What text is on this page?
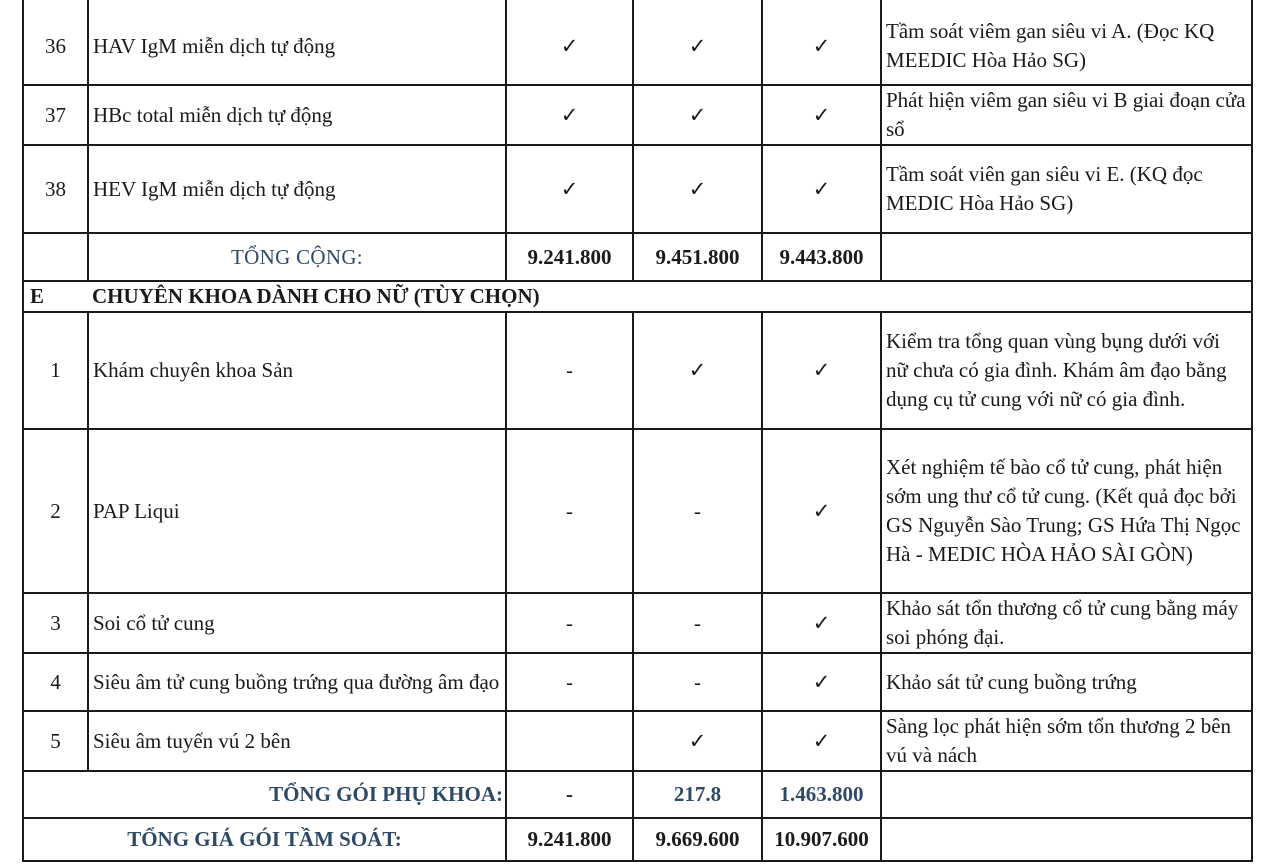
36	HAV IgM miễn dịch tự động	✓	✓	✓	Tầm soát viêm gan siêu vi A. (Đọc KQ MEEDIC Hòa Hảo SG)
37	HBc total miễn dịch tự động	✓	✓	✓	Phát hiện viêm gan siêu vi B giai đoạn cửa sổ
38	HEV IgM miễn dịch tự động	✓	✓	✓	Tầm soát viên gan siêu vi E. (KQ đọc MEDIC Hòa Hảo SG)
	TỔNG CỘNG:	9.241.800	9.451.800	9.443.800	
E	CHUYÊN KHOA DÀNH CHO NỮ (TÙY CHỌN)				
1	Khám chuyên khoa Sản	-	✓	✓	Kiểm tra tổng quan vùng bụng dưới với nữ chưa có gia đình. Khám âm đạo bằng dụng cụ tử cung với nữ có gia đình.
2	PAP Liqui	-	-	✓	Xét nghiệm tế bào cổ tử cung, phát hiện sớm ung thư cổ tử cung. (Kết quả đọc bởi GS Nguyễn Sào Trung; GS Hứa Thị Ngọc Hà - MEDIC HÒA HẢO SÀI GÒN)
3	Soi cổ tử cung	-	-	✓	Khảo sát tổn thương cổ tử cung bằng máy soi phóng đại.
4	Siêu âm tử cung buồng trứng qua đường âm đạo	-	-	✓	Khảo sát tử cung buồng trứng
5	Siêu âm tuyến vú 2 bên		✓	✓	Sàng lọc phát hiện sớm tổn thương 2 bên vú và nách
TỔNG GÓI PHỤ KHOA:		-	217.8	1.463.800	
TỔNG GIÁ GÓI TẦM SOÁT:		9.241.800	9.669.600	10.907.600	
